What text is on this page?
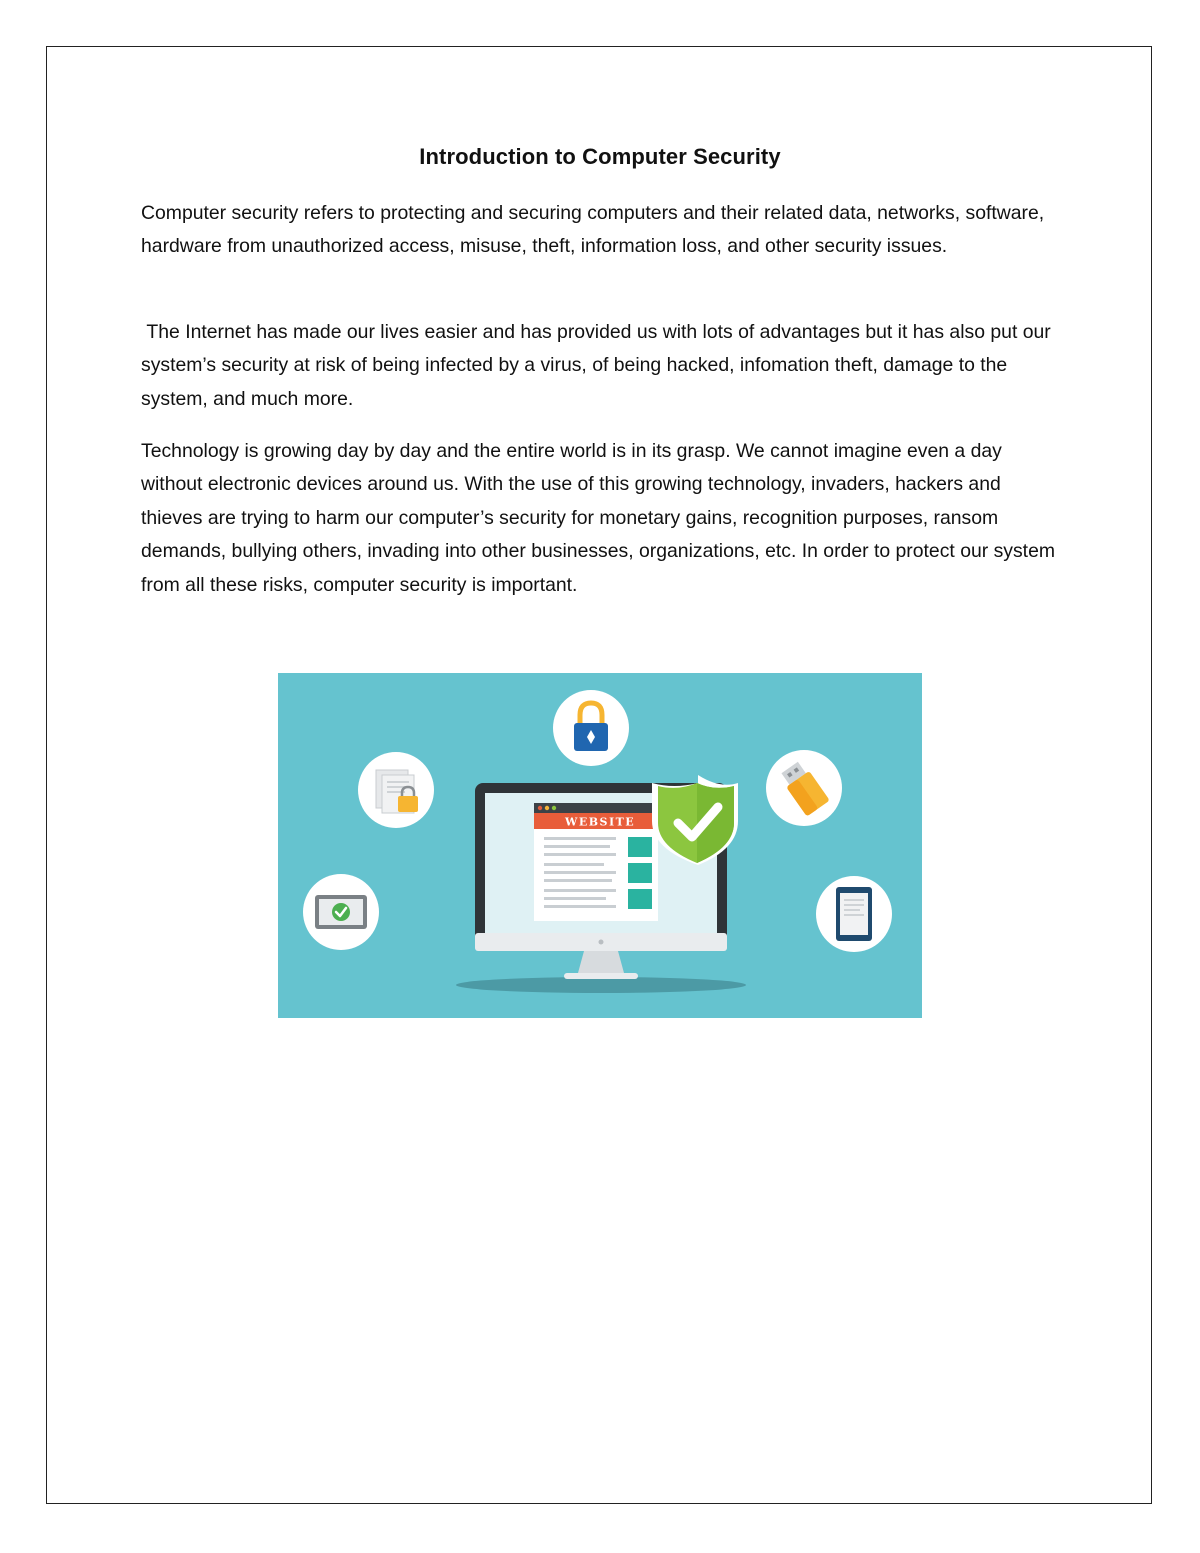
Introduction to Computer Security
Computer security refers to protecting and securing computers and their related data, networks, software, hardware from unauthorized access, misuse, theft, information loss, and other security issues.
The Internet has made our lives easier and has provided us with lots of advantages but it has also put our system’s security at risk of being infected by a virus, of being hacked, infomation theft, damage to the system, and much more.
Technology is growing day by day and the entire world is in its grasp. We cannot imagine even a day without electronic devices around us. With the use of this growing technology, invaders, hackers and thieves are trying to harm our computer’s security for monetary gains, recognition purposes, ransom demands, bullying others, invading into other businesses, organizations, etc. In order to protect our system from all these risks, computer security is important.
WEBSITE
